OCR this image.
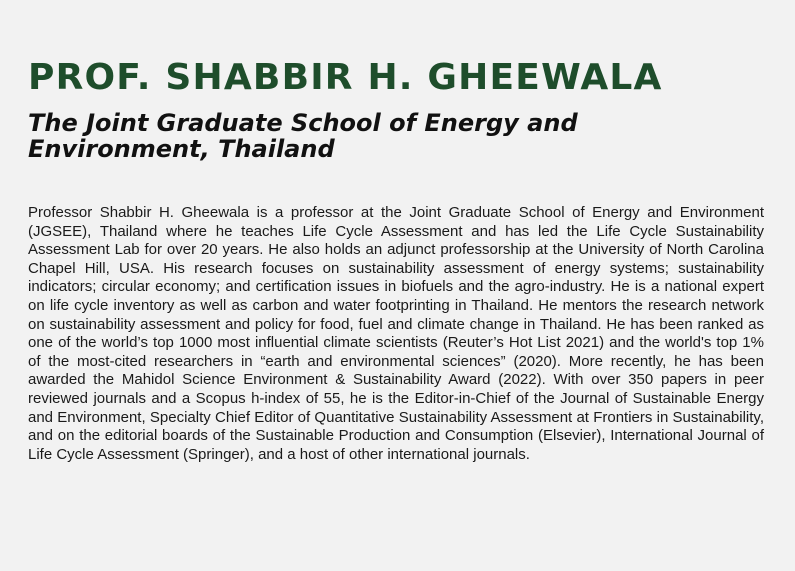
PROF. SHABBIR H. GHEEWALA
The Joint Graduate School of Energy and Environment, Thailand

Professor Shabbir H. Gheewala is a professor at the Joint Graduate School of Energy and Environment (JGSEE), Thailand where he teaches Life Cycle Assessment and has led the Life Cycle Sustainability Assessment Lab for over 20 years. He also holds an adjunct professorship at the University of North Carolina Chapel Hill, USA. His research focuses on sustainability assessment of energy systems; sustainability indicators; circular economy; and certification issues in biofuels and the agro-industry. He is a national expert on life cycle inventory as well as carbon and water footprinting in Thailand. He mentors the research network on sustainability assessment and policy for food, fuel and climate change in Thailand. He has been ranked as one of the world’s top 1000 most influential climate scientists (Reuter’s Hot List 2021) and the world's top 1% of the most-cited researchers in “earth and environmental sciences” (2020). More recently, he has been awarded the Mahidol Science Environment & Sustainability Award (2022). With over 350 papers in peer reviewed journals and a Scopus h-index of 55, he is the Editor-in-Chief of the Journal of Sustainable Energy and Environment, Specialty Chief Editor of Quantitative Sustainability Assessment at Frontiers in Sustainability, and on the editorial boards of the Sustainable Production and Consumption (Elsevier), International Journal of Life Cycle Assessment (Springer), and a host of other international journals.
